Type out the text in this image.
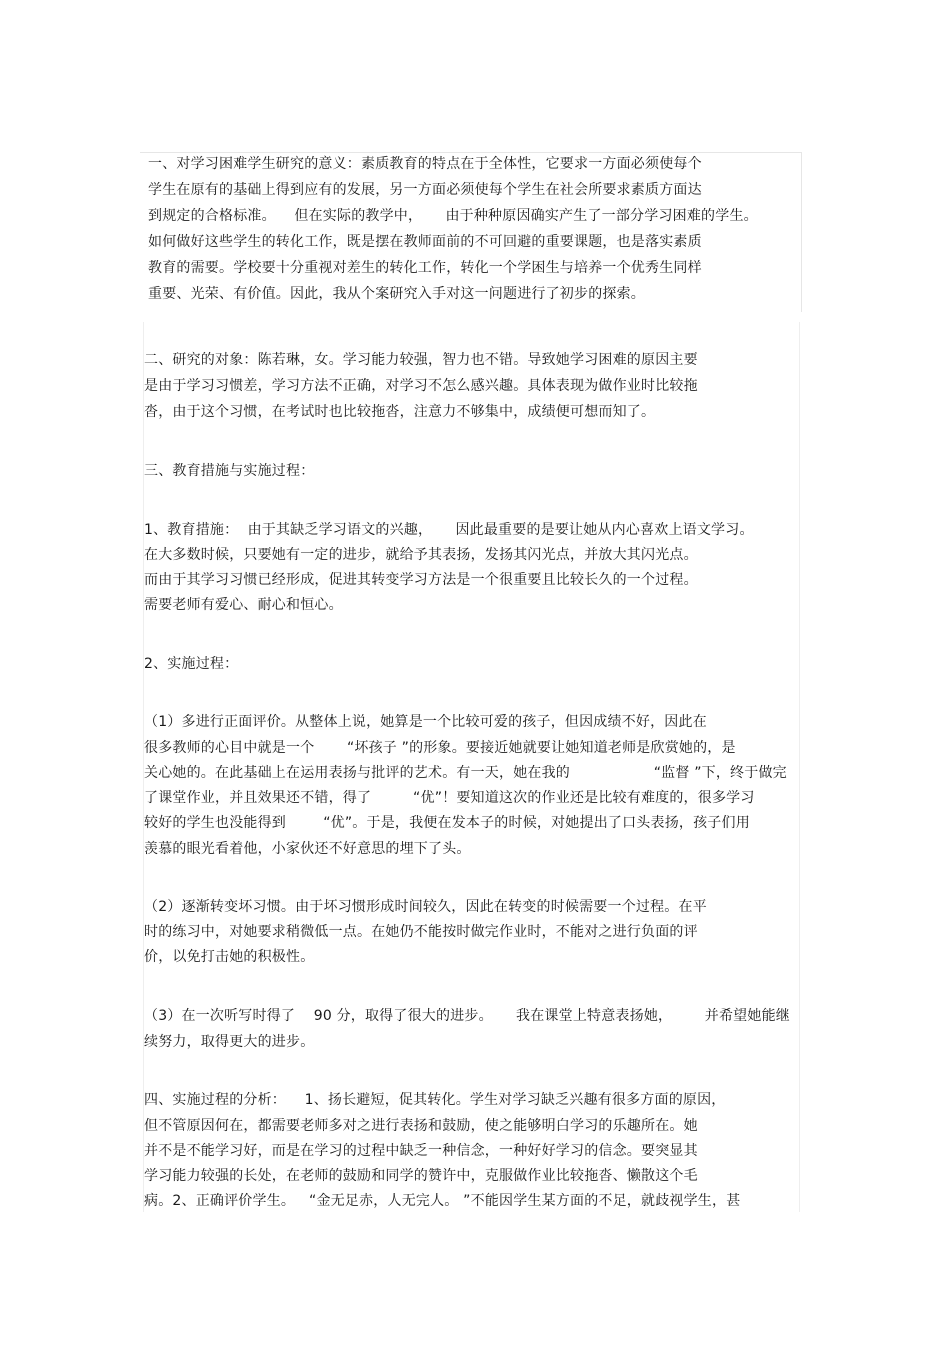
一、对学习困难学生研究的意义：素质教育的特点在于全体性，它要求一方面必须使每个
学生在原有的基础上得到应有的发展，另一方面必须使每个学生在社会所要求素质方面达
到规定的合格标准。    但在实际的教学中，     由于种种原因确实产生了一部分学习困难的学生。
如何做好这些学生的转化工作，既是摆在教师面前的不可回避的重要课题，也是落实素质
教育的需要。学校要十分重视对差生的转化工作，转化一个学困生与培养一个优秀生同样
重要、光荣、有价值。因此，我从个案研究入手对这一问题进行了初步的探索。
二、研究的对象：陈若琳，女。学习能力较强，智力也不错。导致她学习困难的原因主要
是由于学习习惯差，学习方法不正确，对学习不怎么感兴趣。具体表现为做作业时比较拖
沓，由于这个习惯，在考试时也比较拖沓，注意力不够集中，成绩便可想而知了。
三、教育措施与实施过程：
1、教育措施：  由于其缺乏学习语文的兴趣，     因此最重要的是要让她从内心喜欢上语文学习。
在大多数时候，只要她有一定的进步，就给予其表扬，发扬其闪光点，并放大其闪光点。
而由于其学习习惯已经形成，促进其转变学习方法是一个很重要且比较长久的一个过程。
需要老师有爱心、耐心和恒心。
2、实施过程：
（1）多进行正面评价。从整体上说，她算是一个比较可爱的孩子，但因成绩不好，因此在
很多教师的心目中就是一个       “坏孩子 ”的形象。要接近她就要让她知道老师是欣赏她的，是
关心她的。在此基础上在运用表扬与批评的艺术。有一天，她在我的                  “监督 ”下，终于做完
了课堂作业，并且效果还不错，得了         “优”！要知道这次的作业还是比较有难度的，很多学习
较好的学生也没能得到        “优”。于是，我便在发本子的时候，对她提出了口头表扬，孩子们用
羡慕的眼光看着他，小家伙还不好意思的埋下了头。
（2）逐渐转变坏习惯。由于坏习惯形成时间较久，因此在转变的时候需要一个过程。在平
时的练习中，对她要求稍微低一点。在她仍不能按时做完作业时，不能对之进行负面的评
价，以免打击她的积极性。
（3）在一次听写时得了    90 分，取得了很大的进步。     我在课堂上特意表扬她，       并希望她能继
续努力，取得更大的进步。
四、实施过程的分析：    1、扬长避短，促其转化。学生对学习缺乏兴趣有很多方面的原因，
但不管原因何在，都需要老师多对之进行表扬和鼓励，使之能够明白学习的乐趣所在。她
并不是不能学习好，而是在学习的过程中缺乏一种信念，一种好好学习的信念。要突显其
学习能力较强的长处，在老师的鼓励和同学的赞许中，克服做作业比较拖沓、懒散这个毛
病。2、正确评价学生。   “金无足赤，人无完人。 ”不能因学生某方面的不足，就歧视学生，甚
